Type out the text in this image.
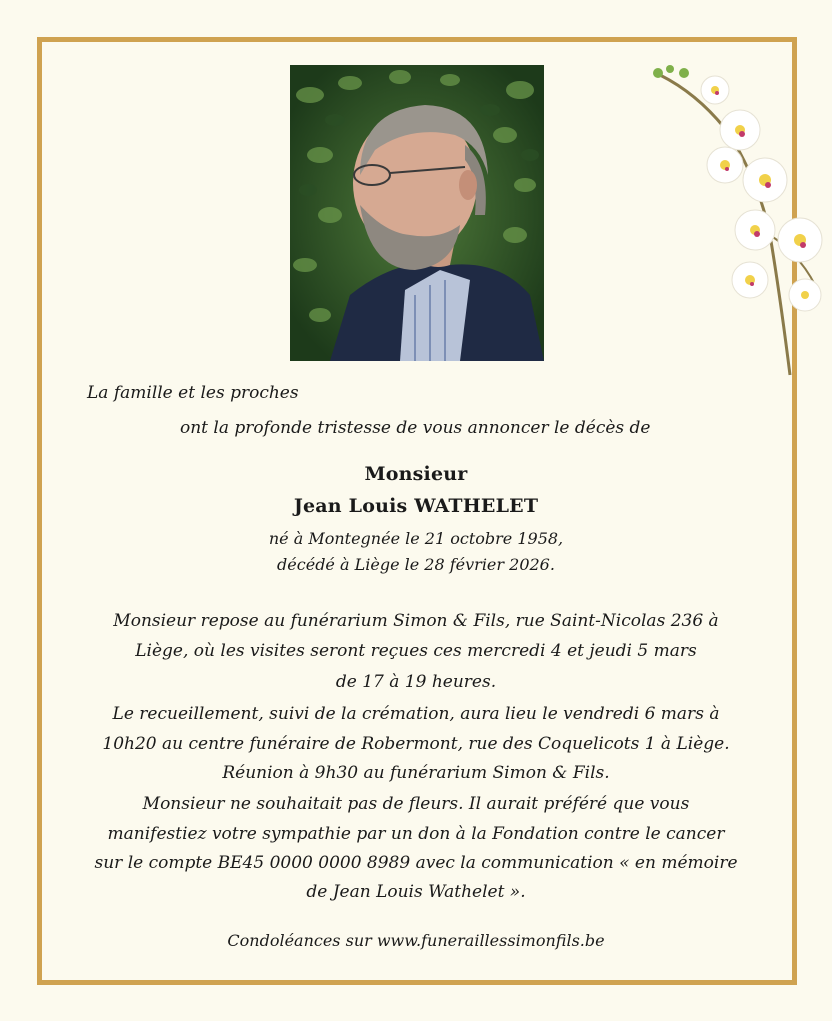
La famille et les proches
ont la profonde tristesse de vous annoncer le décès de
Monsieur
Jean Louis WATHELET
né à Montegnée le 21 octobre 1958,
décédé à Liège le 28 février 2026.
Monsieur repose au funérarium Simon & Fils, rue Saint-Nicolas 236 à
Liège, où les visites seront reçues ces mercredi 4 et jeudi 5 mars
de 17 à 19 heures.
Le recueillement, suivi de la crémation, aura lieu le vendredi 6 mars à
10h20 au centre funéraire de Robermont, rue des Coquelicots 1 à Liège.
Réunion à 9h30 au funérarium Simon & Fils.
Monsieur ne souhaitait pas de fleurs. Il aurait préféré que vous
manifestiez votre sympathie par un don à la Fondation contre le cancer
sur le compte BE45 0000 0000 8989 avec la communication « en mémoire
de Jean Louis Wathelet ».
Condoléances sur www.funeraillessimonfils.be
